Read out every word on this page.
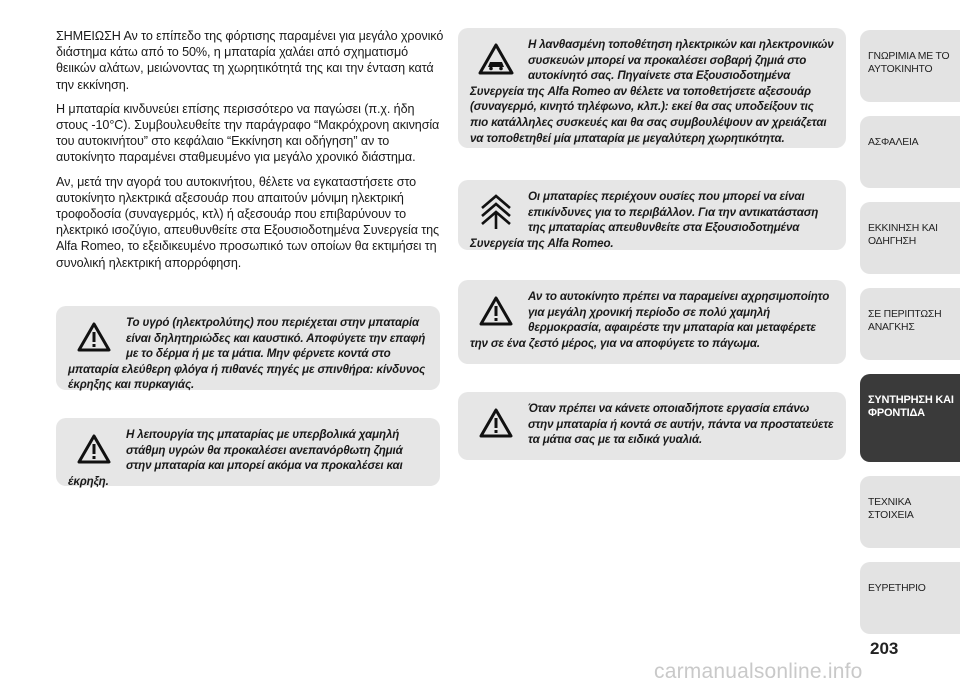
ΣΗΜΕΙΩΣΗ Αν το επίπεδο της φόρτισης παραμένει για μεγάλο χρονικό διάστημα κάτω από το 50%, η μπαταρία χαλάει από σχηματισμό θειικών αλάτων, μειώνοντας τη χωρητικότητά της και την ένταση κατά την εκκίνηση.

Η μπαταρία κινδυνεύει επίσης περισσότερο να παγώσει (π.χ. ήδη στους -10°C). Συμβουλευθείτε την παράγραφο “Μακρόχρονη ακινησία του αυτοκινήτου” στο κεφάλαιο “Εκκίνηση και οδήγηση” αν το αυτοκίνητο παραμένει σταθμευμένο για μεγάλο χρονικό διάστημα.

Αν, μετά την αγορά του αυτοκινήτου, θέλετε να εγκαταστήσετε στο αυτοκίνητο ηλεκτρικά αξεσουάρ που απαιτούν μόνιμη ηλεκτρική τροφοδοσία (συναγερμός, κτλ) ή αξεσουάρ που επιβαρύνουν το ηλεκτρικό ισοζύγιο, απευθυνθείτε στα Εξουσιοδοτημένα Συνεργεία της Alfa Romeo, το εξειδικευμένο προσωπικό των οποίων θα εκτιμήσει τη συνολική ηλεκτρική απορρόφηση.

Το υγρό (ηλεκτρολύτης) που περιέχεται στην μπαταρία είναι δηλητηριώδες και καυστικό. Αποφύγετε την επαφή με το δέρμα ή με τα μάτια. Μην φέρνετε κοντά στο μπαταρία ελεύθερη φλόγα ή πιθανές πηγές με σπινθήρα: κίνδυνος έκρηξης και πυρκαγιάς.

Η λειτουργία της μπαταρίας με υπερβολικά χαμηλή στάθμη υγρών θα προκαλέσει ανεπανόρθωτη ζημιά στην μπαταρία και μπορεί ακόμα να προκαλέσει και έκρηξη.

Η λανθασμένη τοποθέτηση ηλεκτρικών και ηλεκτρονικών συσκευών μπορεί να προκαλέσει σοβαρή ζημιά στο αυτοκίνητό σας. Πηγαίνετε στα Εξουσιοδοτημένα Συνεργεία της Alfa Romeo αν θέλετε να τοποθετήσετε αξεσουάρ (συναγερμό, κινητό τηλέφωνο, κλπ.): εκεί θα σας υποδείξουν τις πιο κατάλληλες συσκευές και θα σας συμβουλέψουν αν χρειάζεται να τοποθετηθεί μία μπαταρία με μεγαλύτερη χωρητικότητα.

Οι μπαταρίες περιέχουν ουσίες που μπορεί να είναι επικίνδυνες για το περιβάλλον. Για την αντικατάσταση της μπαταρίας απευθυνθείτε στα Εξουσιοδοτημένα Συνεργεία της Alfa Romeo.

Αν το αυτοκίνητο πρέπει να παραμείνει αχρησιμοποίητο για μεγάλη χρονική περίοδο σε πολύ χαμηλή θερμοκρασία, αφαιρέστε την μπαταρία και μεταφέρετε την σε ένα ζεστό μέρος, για να αποφύγετε το πάγωμα.

Όταν πρέπει να κάνετε οποιαδήποτε εργασία επάνω στην μπαταρία ή κοντά σε αυτήν, πάντα να προστατεύετε τα μάτια σας με τα ειδικά γυαλιά.

ΓΝΩΡΙΜΙΑ ΜΕ ΤΟ ΑΥΤΟΚΙΝΗΤΟ
ΑΣΦΑΛΕΙΑ
ΕΚΚΙΝΗΣΗ ΚΑΙ ΟΔΗΓΗΣΗ
ΣΕ ΠΕΡΙΠΤΩΣΗ ΑΝΑΓΚΗΣ
ΣΥΝΤΗΡΗΣΗ ΚΑΙ ΦΡΟΝΤΙΔΑ
ΤΕΧΝΙΚΑ ΣΤΟΙΧΕΙΑ
ΕΥΡΕΤΗΡΙΟ
203
carmanualsonline.info
